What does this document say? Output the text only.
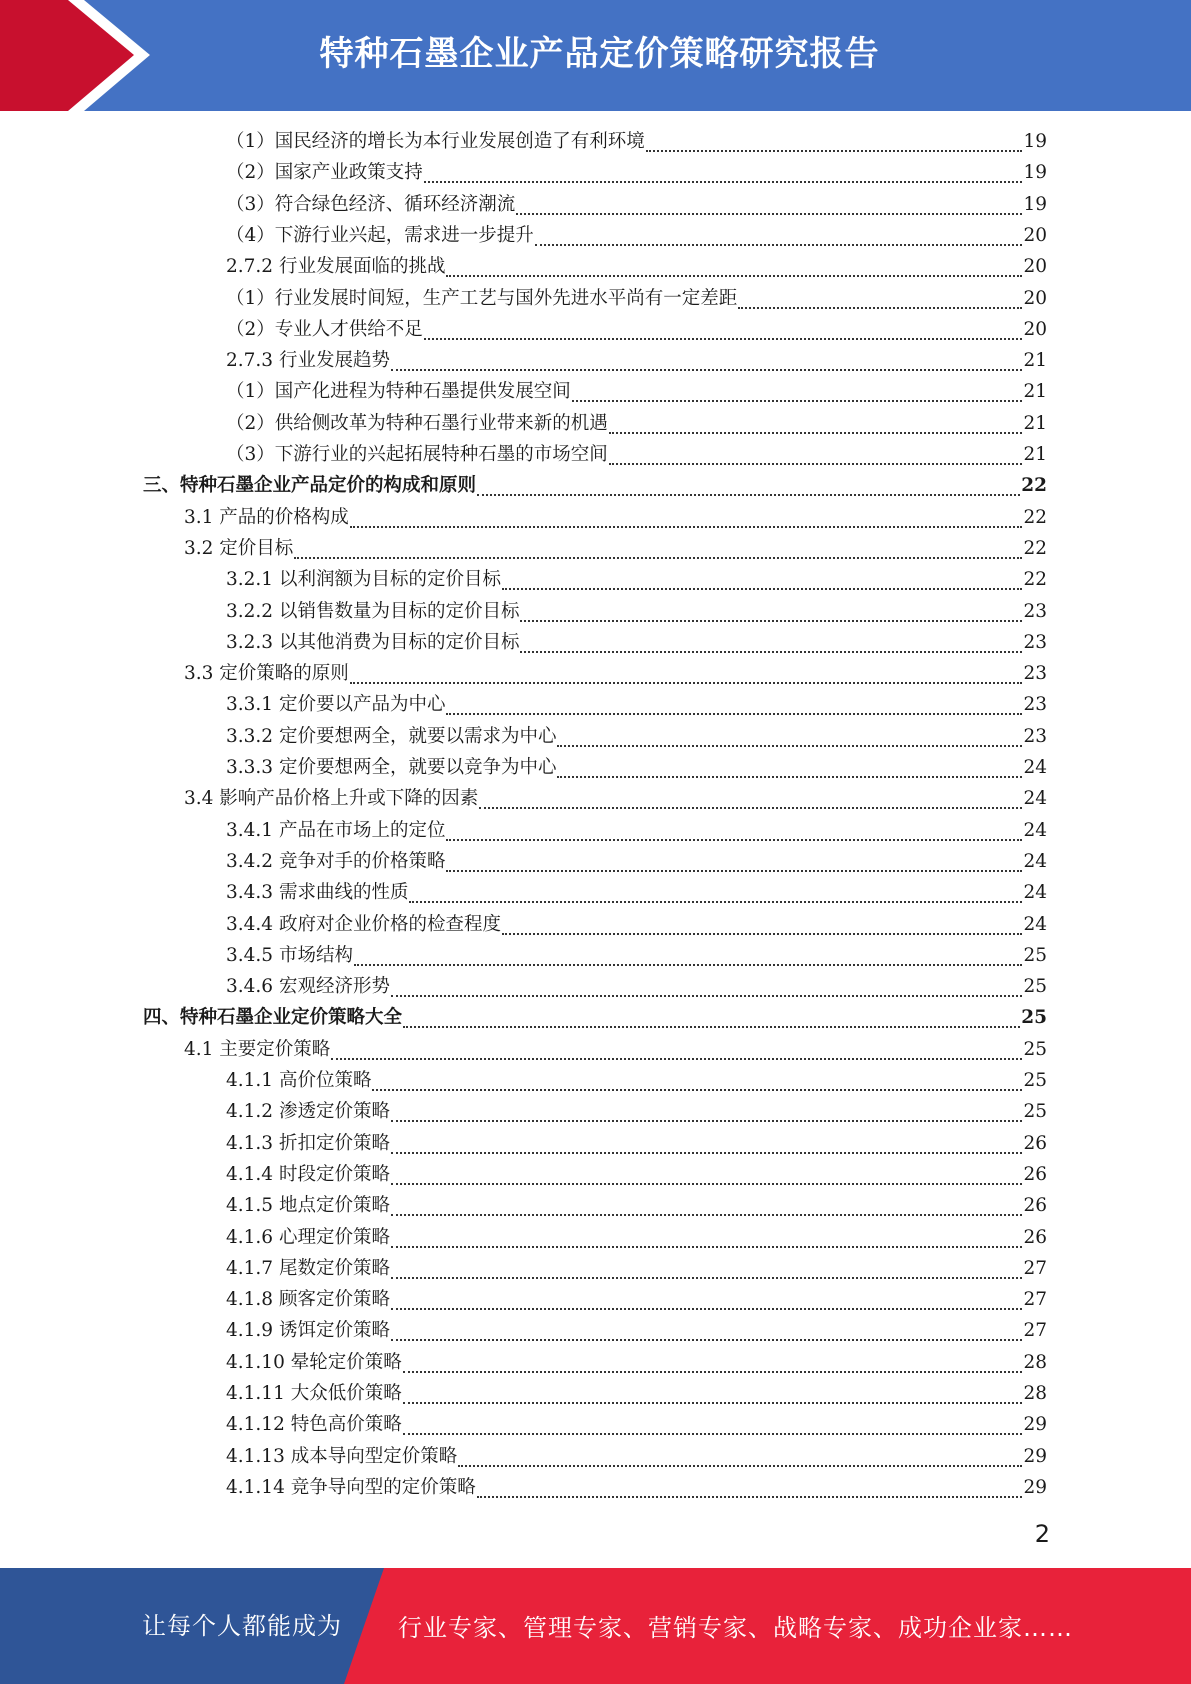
特种石墨企业产品定价策略研究报告
（1）国民经济的增长为本行业发展创造了有利环境	19
（2）国家产业政策支持	19
（3）符合绿色经济、循环经济潮流	19
（4）下游行业兴起，需求进一步提升	20
2.7.2 行业发展面临的挑战	20
（1）行业发展时间短，生产工艺与国外先进水平尚有一定差距	20
（2）专业人才供给不足	20
2.7.3 行业发展趋势	21
（1）国产化进程为特种石墨提供发展空间	21
（2）供给侧改革为特种石墨行业带来新的机遇	21
（3）下游行业的兴起拓展特种石墨的市场空间	21
三、特种石墨企业产品定价的构成和原则	22
3.1 产品的价格构成	22
3.2 定价目标	22
3.2.1 以利润额为目标的定价目标	22
3.2.2 以销售数量为目标的定价目标	23
3.2.3 以其他消费为目标的定价目标	23
3.3 定价策略的原则	23
3.3.1 定价要以产品为中心	23
3.3.2 定价要想两全，就要以需求为中心	23
3.3.3 定价要想两全，就要以竞争为中心	24
3.4 影响产品价格上升或下降的因素	24
3.4.1 产品在市场上的定位	24
3.4.2 竞争对手的价格策略	24
3.4.3 需求曲线的性质	24
3.4.4 政府对企业价格的检查程度	24
3.4.5 市场结构	25
3.4.6 宏观经济形势	25
四、特种石墨企业定价策略大全	25
4.1 主要定价策略	25
4.1.1 高价位策略	25
4.1.2 渗透定价策略	25
4.1.3 折扣定价策略	26
4.1.4 时段定价策略	26
4.1.5 地点定价策略	26
4.1.6 心理定价策略	26
4.1.7 尾数定价策略	27
4.1.8 顾客定价策略	27
4.1.9 诱饵定价策略	27
4.1.10 晕轮定价策略	28
4.1.11 大众低价策略	28
4.1.12 特色高价策略	29
4.1.13 成本导向型定价策略	29
4.1.14 竞争导向型的定价策略	29
2
让每个人都能成为 行业专家、管理专家、营销专家、战略专家、成功企业家……
